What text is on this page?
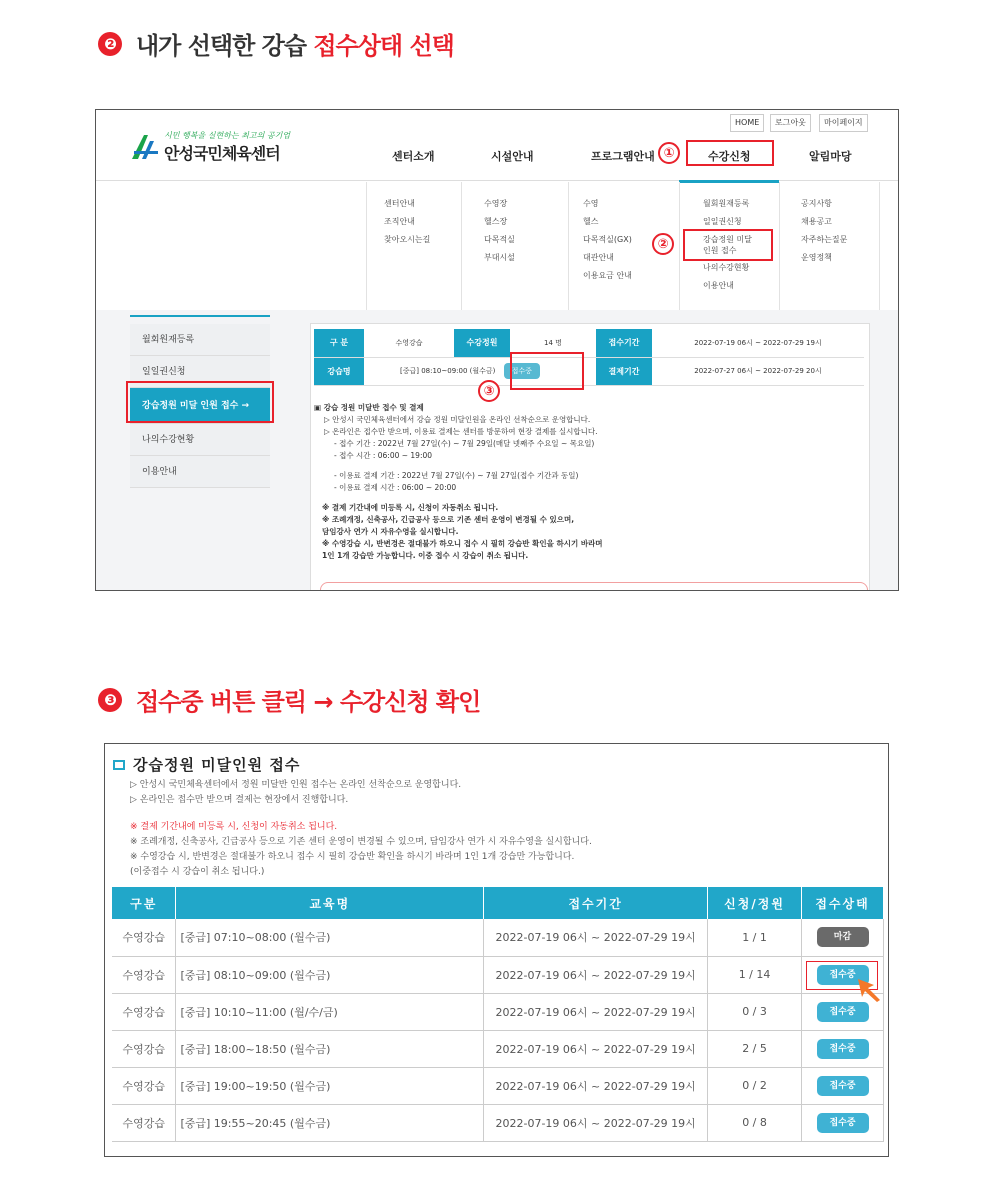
❷ 내가 선택한 강습
접수상태 선택
시민 행복을 실현하는 최고의 공기업
안성국민체육센터
HOME	로그아웃	마이페이지
센터소개	시설안내	프로그램안내	수강신청	알림마당
①
센터안내
조직안내
찾아오시는길
수영장
헬스장
다목적실
부대시설
수영
헬스
다목적실(GX)
대관안내
이용요금 안내
월회원재등록
일일권신청
강습정원 미달
인원 접수
나의수강현황
이용안내
②
공지사항
채용공고
자주하는질문
운영정책
월회원재등록
일일권신청
강습정원 미달 인원 접수 →
나의수강현황
이용안내
구 분	수영강습	수강정원	14 명	접수기간	2022-07-19 06시 ~ 2022-07-29 19시
강습명	[중급] 08:10~09:00 (월수금) 접수중			결제기간	2022-07-27 06시 ~ 2022-07-29 20시
③
▣ 강습 정원 미달반 접수 및 결제
▷ 안성시 국민체육센터에서 강습 정원 미달인원을 온라인 선착순으로 운영합니다.
▷ 온라인은 접수만 받으며, 이용료 결제는 센터를 방문하여 현장 결제를 실시합니다.
- 접수 기간 : 2022년 7월 27일(수) ~ 7월 29일(매달 넷째주 수요일 ~ 목요일)
- 접수 시간 : 06:00 ~ 19:00
- 이용료 결제 기간 : 2022년 7월 27일(수) ~ 7월 27일(접수 기간과 동일)
- 이용료 결제 시간 : 06:00 ~ 20:00
※ 결제 기간내에 미등록 시, 신청이 자동취소 됩니다.
※ 조례개정, 신축공사, 긴급공사 등으로 기존 센터 운영이 변경될 수 있으며,
담임강사 연가 시 자유수영을 실시합니다.
※ 수영강습 시, 반변경은 절대불가 하오니 접수 시 필히 강습반 확인을 하시기 바라며
1인 1개 강습만 가능합니다. 이중 접수 시 강습이 취소 됩니다.
❸ 접수중 버튼 클릭 → 수강신청 확인
강습정원 미달인원 접수
▷ 안성시 국민체육센터에서 정원 미달반 인원 접수는 온라인 선착순으로 운영합니다.
▷ 온라인은 접수만 받으며 결제는 현장에서 진행합니다.
※ 결제 기간내에 미등록 시, 신청이 자동취소 됩니다.
※ 조례개정, 신축공사, 긴급공사 등으로 기존 센터 운영이 변경될 수 있으며, 담임강사 연가 시 자유수영을 실시합니다.
※ 수영강습 시, 반변경은 절대불가 하오니 접수 시 필히 강습반 확인을 하시기 바라며 1인 1개 강습만 가능합니다.
(이중접수 시 강습이 취소 됩니다.)
구분	교육명	접수기간	신청/정원	접수상태
수영강습	[중급] 07:10~08:00 (월수금)	2022-07-19 06시 ~ 2022-07-29 19시	1 / 1	마감
수영강습	[중급] 08:10~09:00 (월수금)	2022-07-19 06시 ~ 2022-07-29 19시	1 / 14	접수중

수영강습	[중급] 10:10~11:00 (월/수/금)	2022-07-19 06시 ~ 2022-07-29 19시	0 / 3	접수중
수영강습	[중급] 18:00~18:50 (월수금)	2022-07-19 06시 ~ 2022-07-29 19시	2 / 5	접수중
수영강습	[중급] 19:00~19:50 (월수금)	2022-07-19 06시 ~ 2022-07-29 19시	0 / 2	접수중
수영강습	[중급] 19:55~20:45 (월수금)	2022-07-19 06시 ~ 2022-07-29 19시	0 / 8	접수중
